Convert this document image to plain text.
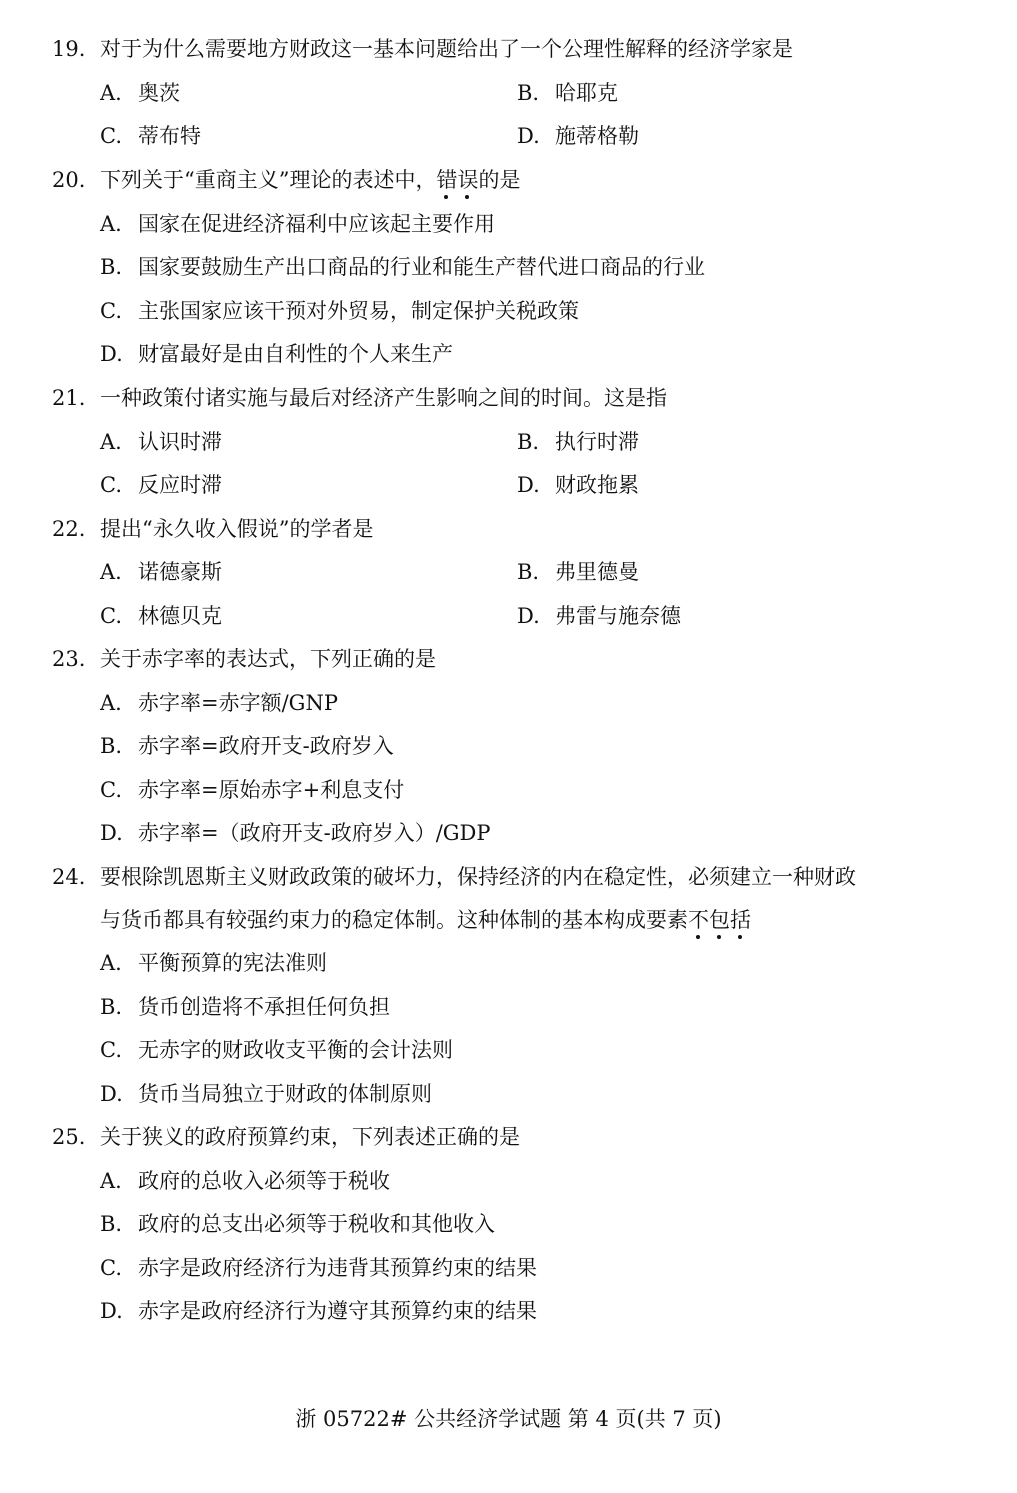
19. 对于为什么需要地方财政这一基本问题给出了一个公理性解释的经济学家是
A. 奥茨	B. 哈耶克
C. 蒂布特	D. 施蒂格勒
20. 下列关于“重商主义”理论的表述中，错误
的是
A. 国家在促进经济福利中应该起主要作用
B. 国家要鼓励生产出口商品的行业和能生产替代进口商品的行业
C. 主张国家应该干预对外贸易，制定保护关税政策
D. 财富最好是由自利性的个人来生产
21. 一种政策付诸实施与最后对经济产生影响之间的时间。这是指
A. 认识时滞	B. 执行时滞
C. 反应时滞	D. 财政拖累
22. 提出“永久收入假说”的学者是
A. 诺德豪斯	B. 弗里德曼
C. 林德贝克	D. 弗雷与施奈德
23. 关于赤字率的表达式，下列正确的是
A. 赤字率=赤字额/GNP
B. 赤字率=政府开支-政府岁入
C. 赤字率=原始赤字+利息支付
D. 赤字率=（政府开支-政府岁入）/GDP
24. 要根除凯恩斯主义财政政策的破坏力，保持经济的内在稳定性，必须建立一种财政
与货币都具有较强约束力的稳定体制。这种体制的基本构成要素不包括
A. 平衡预算的宪法准则
B. 货币创造将不承担任何负担
C. 无赤字的财政收支平衡的会计法则
D. 货币当局独立于财政的体制原则
25. 关于狭义的政府预算约束，下列表述正确的是
A. 政府的总收入必须等于税收
B. 政府的总支出必须等于税收和其他收入
C. 赤字是政府经济行为违背其预算约束的结果
D. 赤字是政府经济行为遵守其预算约束的结果
浙 05722# 公共经济学试题 第 4 页(共 7 页)
